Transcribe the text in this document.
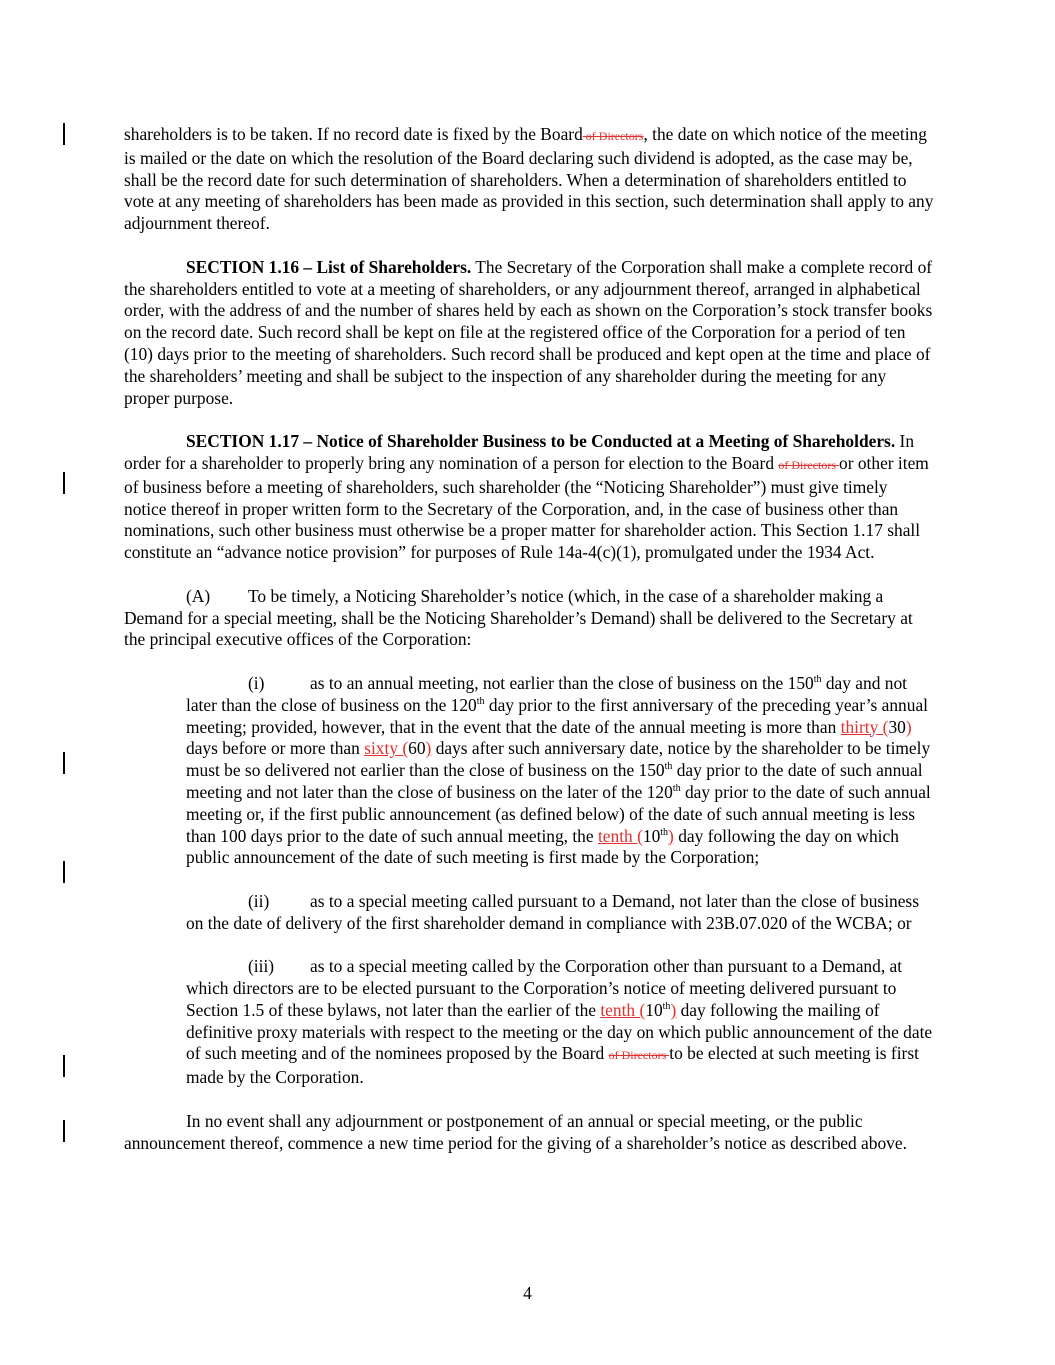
shareholders is to be taken. If no record date is fixed by the Board of Directors, the date on which notice of the meeting is mailed or the date on which the resolution of the Board declaring such dividend is adopted, as the case may be, shall be the record date for such determination of shareholders. When a determination of shareholders entitled to vote at any meeting of shareholders has been made as provided in this section, such determination shall apply to any adjournment thereof.

SECTION 1.16 – List of Shareholders. The Secretary of the Corporation shall make a complete record of the shareholders entitled to vote at a meeting of shareholders, or any adjournment thereof, arranged in alphabetical order, with the address of and the number of shares held by each as shown on the Corporation’s stock transfer books on the record date. Such record shall be kept on file at the registered office of the Corporation for a period of ten (10) days prior to the meeting of shareholders. Such record shall be produced and kept open at the time and place of the shareholders’ meeting and shall be subject to the inspection of any shareholder during the meeting for any proper purpose.

SECTION 1.17 – Notice of Shareholder Business to be Conducted at a Meeting of Shareholders. In order for a shareholder to properly bring any nomination of a person for election to the Board of Directors or other item of business before a meeting of shareholders, such shareholder (the “Noticing Shareholder”) must give timely notice thereof in proper written form to the Secretary of the Corporation, and, in the case of business other than nominations, such other business must otherwise be a proper matter for shareholder action. This Section 1.17 shall constitute an “advance notice provision” for purposes of Rule 14a-4(c)(1), promulgated under the 1934 Act.

(A) To be timely, a Noticing Shareholder’s notice (which, in the case of a shareholder making a Demand for a special meeting, shall be the Noticing Shareholder’s Demand) shall be delivered to the Secretary at the principal executive offices of the Corporation:

(i)	as to an annual meeting, not earlier than the close of business on the 150th day and not later than the close of business on the 120th day prior to the first anniversary of the preceding year’s annual meeting; provided, however, that in the event that the date of the annual meeting is more than thirty (30) days before or more than sixty (60) days after such anniversary date, notice by the shareholder to be timely must be so delivered not earlier than the close of business on the 150th day prior to the date of such annual meeting and not later than the close of business on the later of the 120th day prior to the date of such annual meeting or, if the first public announcement (as defined below) of the date of such annual meeting is less than 100 days prior to the date of such annual meeting, the tenth (10th) day following the day on which public announcement of the date of such meeting is first made by the Corporation;

(ii) as to a special meeting called pursuant to a Demand, not later than the close of business on the date of delivery of the first shareholder demand in compliance with 23B.07.020 of the WCBA; or

(iii) as to a special meeting called by the Corporation other than pursuant to a Demand, at which directors are to be elected pursuant to the Corporation’s notice of meeting delivered pursuant to Section 1.5 of these bylaws, not later than the earlier of the tenth (10th) day following the mailing of definitive proxy materials with respect to the meeting or the day on which public announcement of the date of such meeting and of the nominees proposed by the Board of Directors to be elected at such meeting is first made by the Corporation.

In no event shall any adjournment or postponement of an annual or special meeting, or the public announcement thereof, commence a new time period for the giving of a shareholder’s notice as described above.

4
